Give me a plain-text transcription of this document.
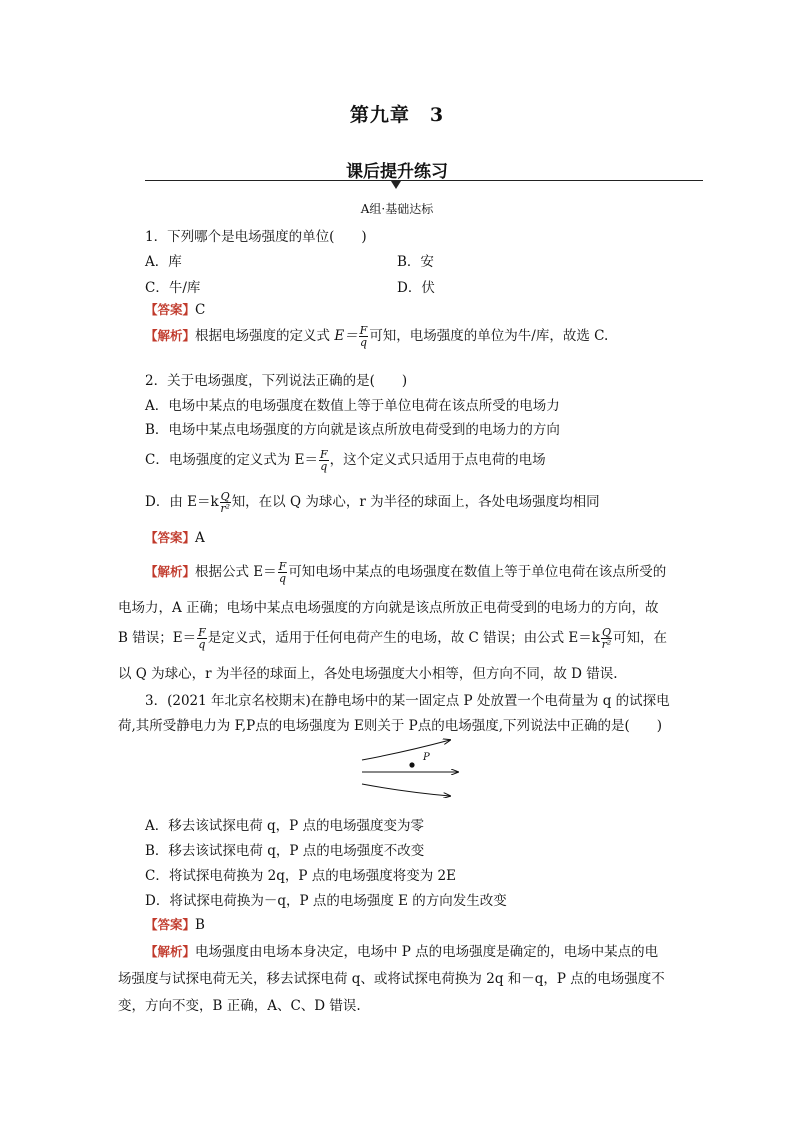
第九章　3
课后提升练习
A组·基础达标
1．下列哪个是电场强度的单位(　　)
A．库	B．安
C．牛/库	D．伏
【答案】C
【解析】根据电场强度的定义式 $E= \frac{F}{q}$ 可知，电场强度的单位为牛/库，故选 C.
2．关于电场强度，下列说法正确的是(　　)
A．电场中某点的电场强度在数值上等于单位电荷在该点所受的电场力
B．电场中某点电场强度的方向就是该点所放电荷受到的电场力的方向
C．电场强度的定义式为 $E= \frac{F}{q}$ ，这个定义式只适用于点电荷的电场
D．由 $E=k \frac{Q}{\text{r²}}$ 知，在以 Q 为球心，r 为半径的球面上，各处电场强度均相同
【答案】A
【解析】根据公式 $E= \frac{F}{q}$ 可知电场中某点的电场强度在数值上等于单位电荷在该点所受的
电场力，A 正确；电场中某点电场强度的方向就是该点所放正电荷受到的电场力的方向，故
B 错误；$E= \frac{F}{q}$ 是定义式，适用于任何电荷产生的电场，故 C 错误；由公式 $E=k \frac{Q}{\text{r²}}$ 可知，在
以 Q 为球心，r 为半径的球面上，各处电场强度大小相等，但方向不同，故 D 错误.
3．(2021 年北京名校期末)在静电场中的某一固定点 P 处放置一个电荷量为 q 的试探电
荷,其所受静电力为 F,P点的电场强度为 E则关于 P点的电场强度,下列说法中正确的是(　　)
P
A．移去该试探电荷 q，P 点的电场强度变为零
B．移去该试探电荷 q，P 点的电场强度不改变
C．将试探电荷换为 2q，P 点的电场强度将变为 2E
D．将试探电荷换为－q，P 点的电场强度 E 的方向发生改变
【答案】B
【解析】电场强度由电场本身决定，电场中 P 点的电场强度是确定的，电场中某点的电
场强度与试探电荷无关，移去试探电荷 q、或将试探电荷换为 2q 和－q，P 点的电场强度不
变，方向不变，B 正确，A、C、D 错误.
